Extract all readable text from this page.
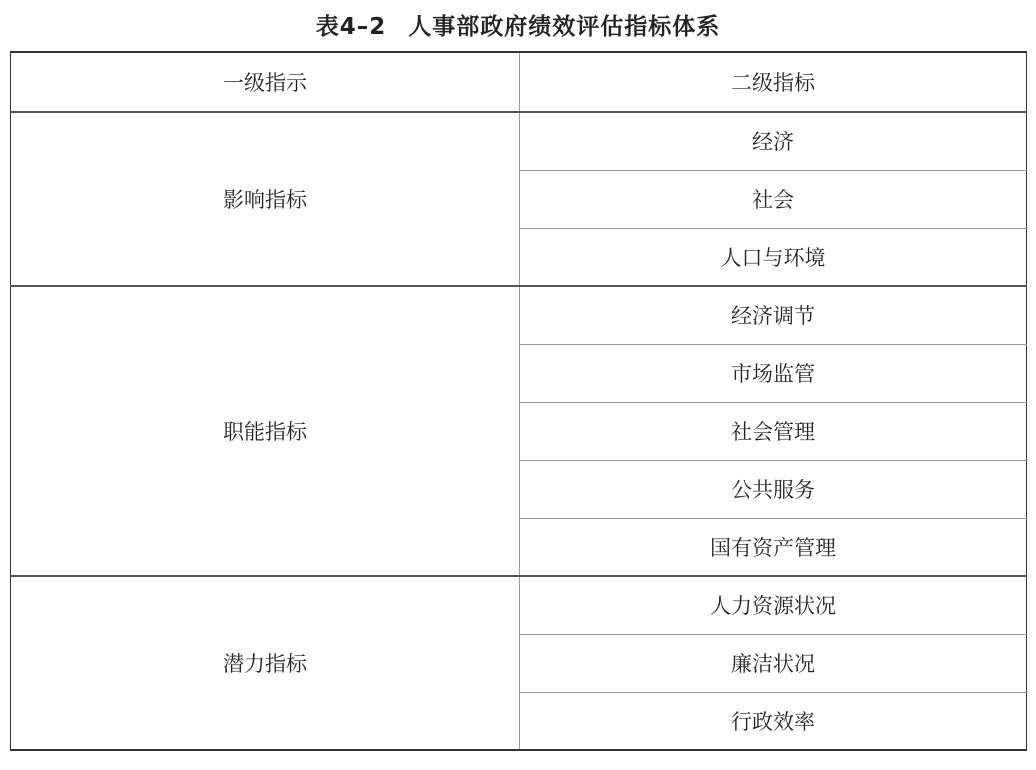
表4–2 人事部政府绩效评估指标体系
一级指示	二级指标
影响指标	经济
	社会
	人口与环境
职能指标	经济调节
	市场监管
	社会管理
	公共服务
	国有资产管理
潜力指标	人力资源状况
	廉洁状况
	行政效率
